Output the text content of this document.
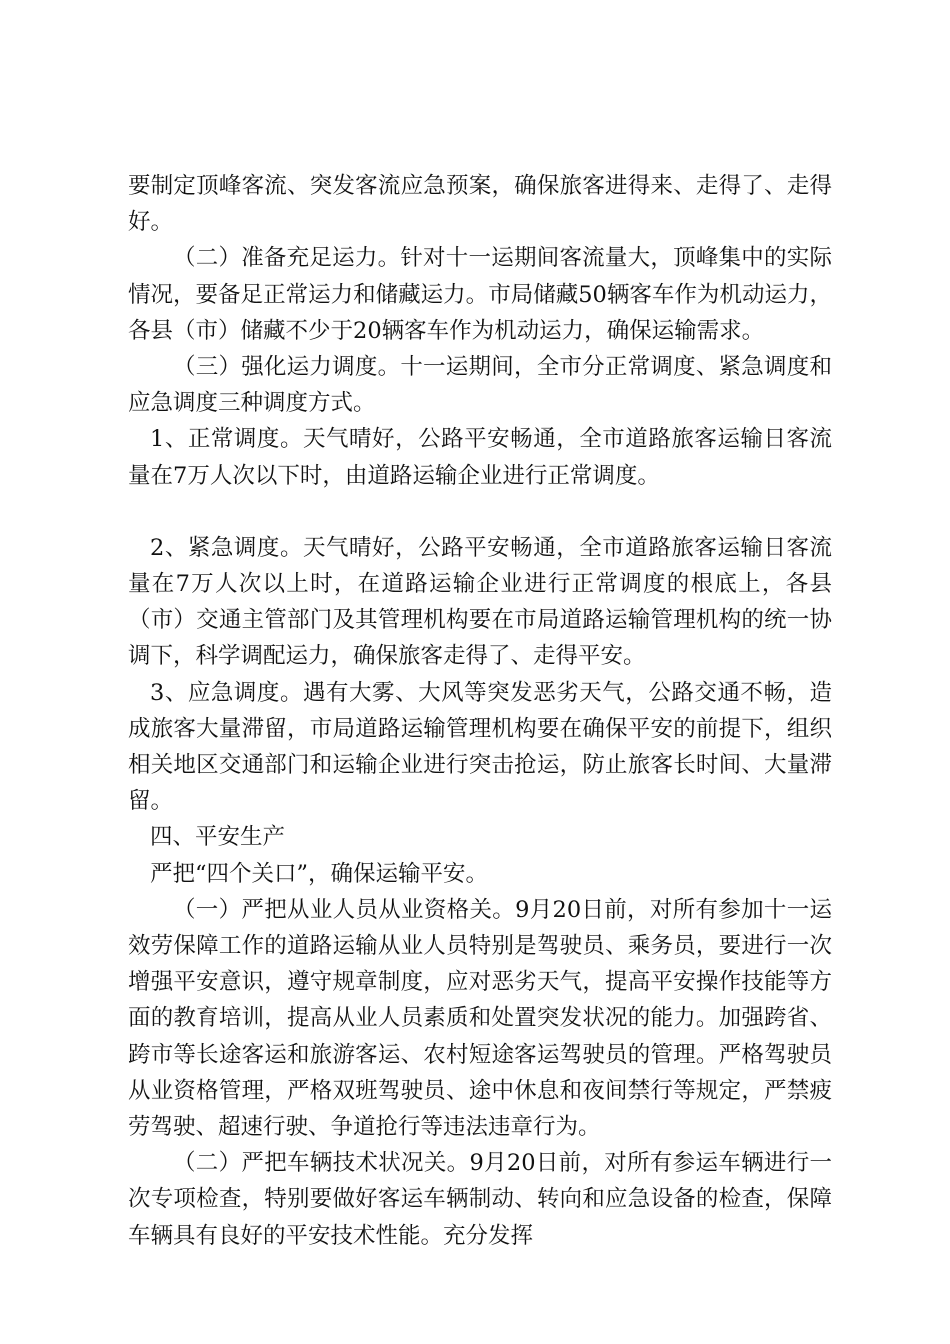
要制定顶峰客流、突发客流应急预案，确保旅客进得来、走得了、走得好。

（二）准备充足运力。针对十一运期间客流量大，顶峰集中的实际情况，要备足正常运力和储藏运力。市局储藏50辆客车作为机动运力，各县（市）储藏不少于20辆客车作为机动运力，确保运输需求。

（三）强化运力调度。十一运期间，全市分正常调度、紧急调度和应急调度三种调度方式。

1、正常调度。天气晴好，公路平安畅通，全市道路旅客运输日客流量在7万人次以下时，由道路运输企业进行正常调度。

2、紧急调度。天气晴好，公路平安畅通，全市道路旅客运输日客流量在7万人次以上时，在道路运输企业进行正常调度的根底上，各县（市）交通主管部门及其管理机构要在市局道路运输管理机构的统一协调下，科学调配运力，确保旅客走得了、走得平安。

3、应急调度。遇有大雾、大风等突发恶劣天气，公路交通不畅，造成旅客大量滞留，市局道路运输管理机构要在确保平安的前提下，组织相关地区交通部门和运输企业进行突击抢运，防止旅客长时间、大量滞留。

四、平安生产

严把“四个关口”，确保运输平安。

（一）严把从业人员从业资格关。9月20日前，对所有参加十一运效劳保障工作的道路运输从业人员特别是驾驶员、乘务员，要进行一次增强平安意识，遵守规章制度，应对恶劣天气，提高平安操作技能等方面的教育培训，提高从业人员素质和处置突发状况的能力。加强跨省、跨市等长途客运和旅游客运、农村短途客运驾驶员的管理。严格驾驶员从业资格管理，严格双班驾驶员、途中休息和夜间禁行等规定，严禁疲劳驾驶、超速行驶、争道抢行等违法违章行为。

（二）严把车辆技术状况关。9月20日前，对所有参运车辆进行一次专项检查，特别要做好客运车辆制动、转向和应急设备的检查，保障车辆具有良好的平安技术性能。充分发挥
